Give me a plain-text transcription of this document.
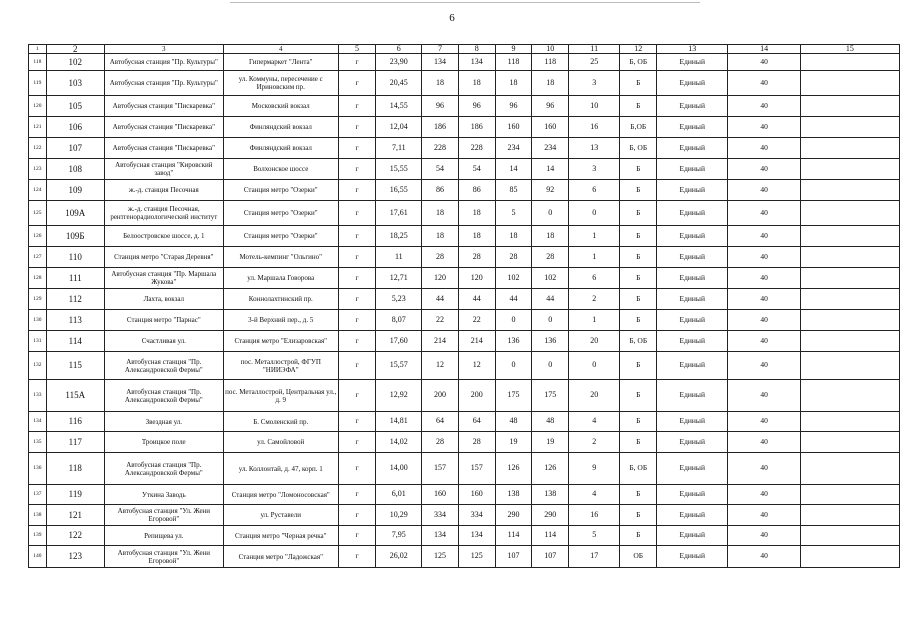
6
1	2	3	4	5	6	7	8	9	10	11	12	13	14	15
118	102	Автобусная станция "Пр. Культуры"	Гипермаркет "Лента"	г	23,90	134	134	118	118	25	Б, ОБ	Единый	40	
119	103	Автобусная станция "Пр. Культуры"	ул. Коммуны, пересечение с Ириновским пр.	г	20,45	18	18	18	18	3	Б	Единый	40	
120	105	Автобусная станция "Пискаревка"	Московский вокзал	г	14,55	96	96	96	96	10	Б	Единый	40	
121	106	Автобусная станция "Пискаревка"	Финляндский вокзал	г	12,04	186	186	160	160	16	Б,ОБ	Единый	40	
122	107	Автобусная станция "Пискаревка"	Финляндский вокзал	г	7,11	228	228	234	234	13	Б, ОБ	Единый	40	
123	108	Автобусная станция "Кировский завод"	Волхонское шоссе	г	15,55	54	54	14	14	3	Б	Единый	40	
124	109	ж.-д. станция Песочная	Станция метро "Озерки"	г	16,55	86	86	85	92	6	Б	Единый	40	
125	109А	ж.-д. станция Песочная, рентгенорадиологический институт	Станция метро "Озерки"	г	17,61	18	18	5	0	0	Б	Единый	40	
126	109Б	Белоостровское шоссе, д. 1	Станция метро "Озерки"	г	18,25	18	18	18	18	1	Б	Единый	40	
127	110	Станция метро "Старая Деревня"	Мотель-кемпинг "Ольгино"	г	11	28	28	28	28	1	Б	Единый	40	
128	111	Автобусная станция "Пр. Маршала Жукова"	ул. Маршала Говорова	г	12,71	120	120	102	102	6	Б	Единый	40	
129	112	Лахта, вокзал	Коннолахтинский пр.	г	5,23	44	44	44	44	2	Б	Единый	40	
130	113	Станция метро "Парнас"	3-й Верхний пер., д. 5	г	8,07	22	22	0	0	1	Б	Единый	40	
131	114	Счастливая ул.	Станция метро "Елизаровская"	г	17,60	214	214	136	136	20	Б, ОБ	Единый	40	
132	115	Автобусная станция "Пр. Александровской Фермы"	пос. Металлострой, ФГУП "НИИЭФА"	г	15,57	12	12	0	0	0	Б	Единый	40	
133	115А	Автобусная станция "Пр. Александровской Фермы"	пос. Металлострой, Центральная ул., д. 9	г	12,92	200	200	175	175	20	Б	Единый	40	
134	116	Звездная ул.	Б. Смоленский пр.	г	14,81	64	64	48	48	4	Б	Единый	40	
135	117	Троицкое поле	ул. Самойловой	г	14,02	28	28	19	19	2	Б	Единый	40	
136	118	Автобусная станция "Пр. Александровской Фермы"	ул. Коллонтай, д. 47, корп. 1	г	14,00	157	157	126	126	9	Б, ОБ	Единый	40	
137	119	Уткина Заводь	Станция метро "Ломоносовская"	г	6,01	160	160	138	138	4	Б	Единый	40	
138	121	Автобусная станция "Ул. Жени Егоровой"	ул. Руставели	г	10,29	334	334	290	290	16	Б	Единый	40	
139	122	Репищева ул.	Станция метро "Черная речка"	г	7,95	134	134	114	114	5	Б	Единый	40	
140	123	Автобусная станция "Ул. Жени Егоровой"	Станция метро "Ладожская"	г	26,02	125	125	107	107	17	ОБ	Единый	40	
